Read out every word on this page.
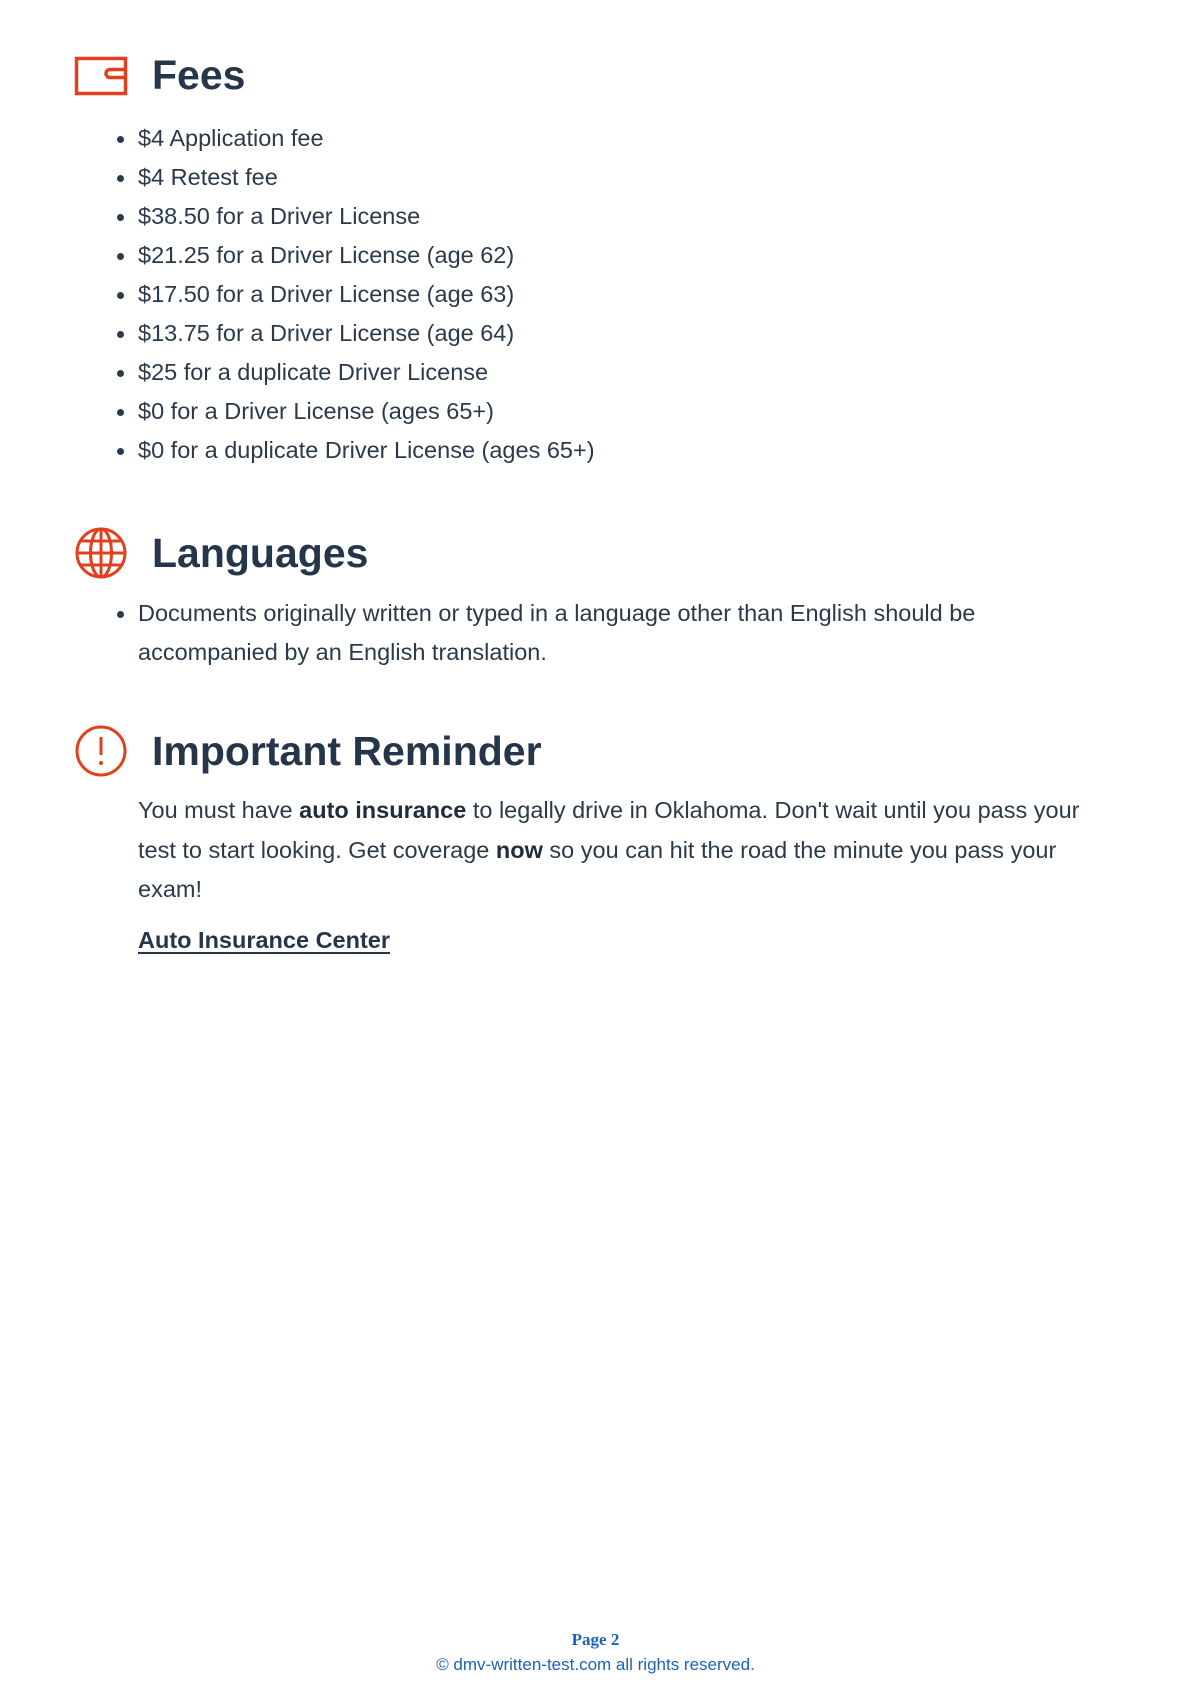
Fees
$4 Application fee
$4 Retest fee
$38.50 for a Driver License
$21.25 for a Driver License (age 62)
$17.50 for a Driver License (age 63)
$13.75 for a Driver License (age 64)
$25 for a duplicate Driver License
$0 for a Driver License (ages 65+)
$0 for a duplicate Driver License (ages 65+)
Languages
Documents originally written or typed in a language other than English should be accompanied by an English translation.
Important Reminder

You must have auto insurance to legally drive in Oklahoma. Don't wait until you pass your test to start looking. Get coverage now so you can hit the road the minute you pass your exam!

Auto Insurance Center
Page 2
© dmv-written-test.com all rights reserved.
